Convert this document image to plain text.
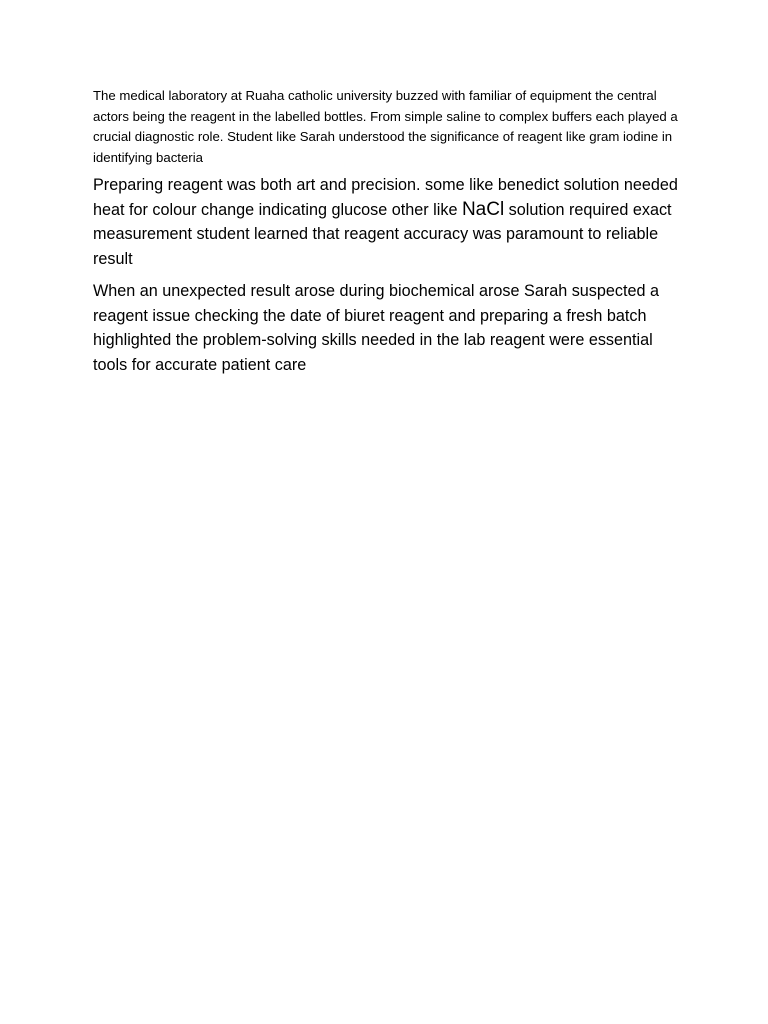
The medical laboratory at Ruaha catholic university buzzed with familiar of equipment the central actors being the reagent in the labelled bottles. From simple saline to complex buffers each played a crucial diagnostic role. Student like Sarah understood the significance of reagent like gram iodine in identifying bacteria

Preparing reagent was both art and precision. some like benedict solution needed heat for colour change indicating glucose other like NaCl solution required exact measurement student learned that reagent accuracy was paramount to reliable result

When an unexpected result arose during biochemical arose Sarah suspected a reagent issue checking the date of biuret reagent and preparing a fresh batch highlighted the problem-solving skills needed in the lab reagent were essential tools for accurate patient care
